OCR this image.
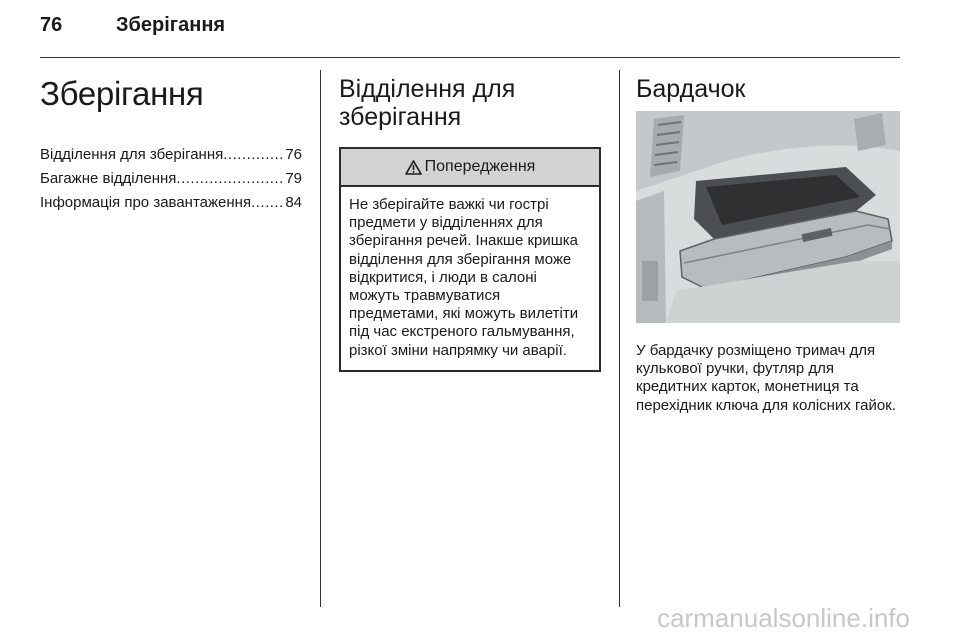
76	Зберігання
Зберігання
Відділення для зберігання .....	76
Багажне відділення .....	79
Інформація про завантаження ..... 84
Відділення для
зберігання
Попередження
Не зберігайте важкі чи гострі предмети у відділеннях для зберігання речей. Інакше кришка відділення для зберігання може відкритися, і люди в салоні можуть травмуватися предметами, які можуть вилетіти під час екстреного гальмування, різкої зміни напрямку чи аварії.
Бардачок
У бардачку розміщено тримач для кулькової ручки, футляр для кредитних карток, монетниця та перехідник ключа для колісних гайок.
carmanualsonline.info
